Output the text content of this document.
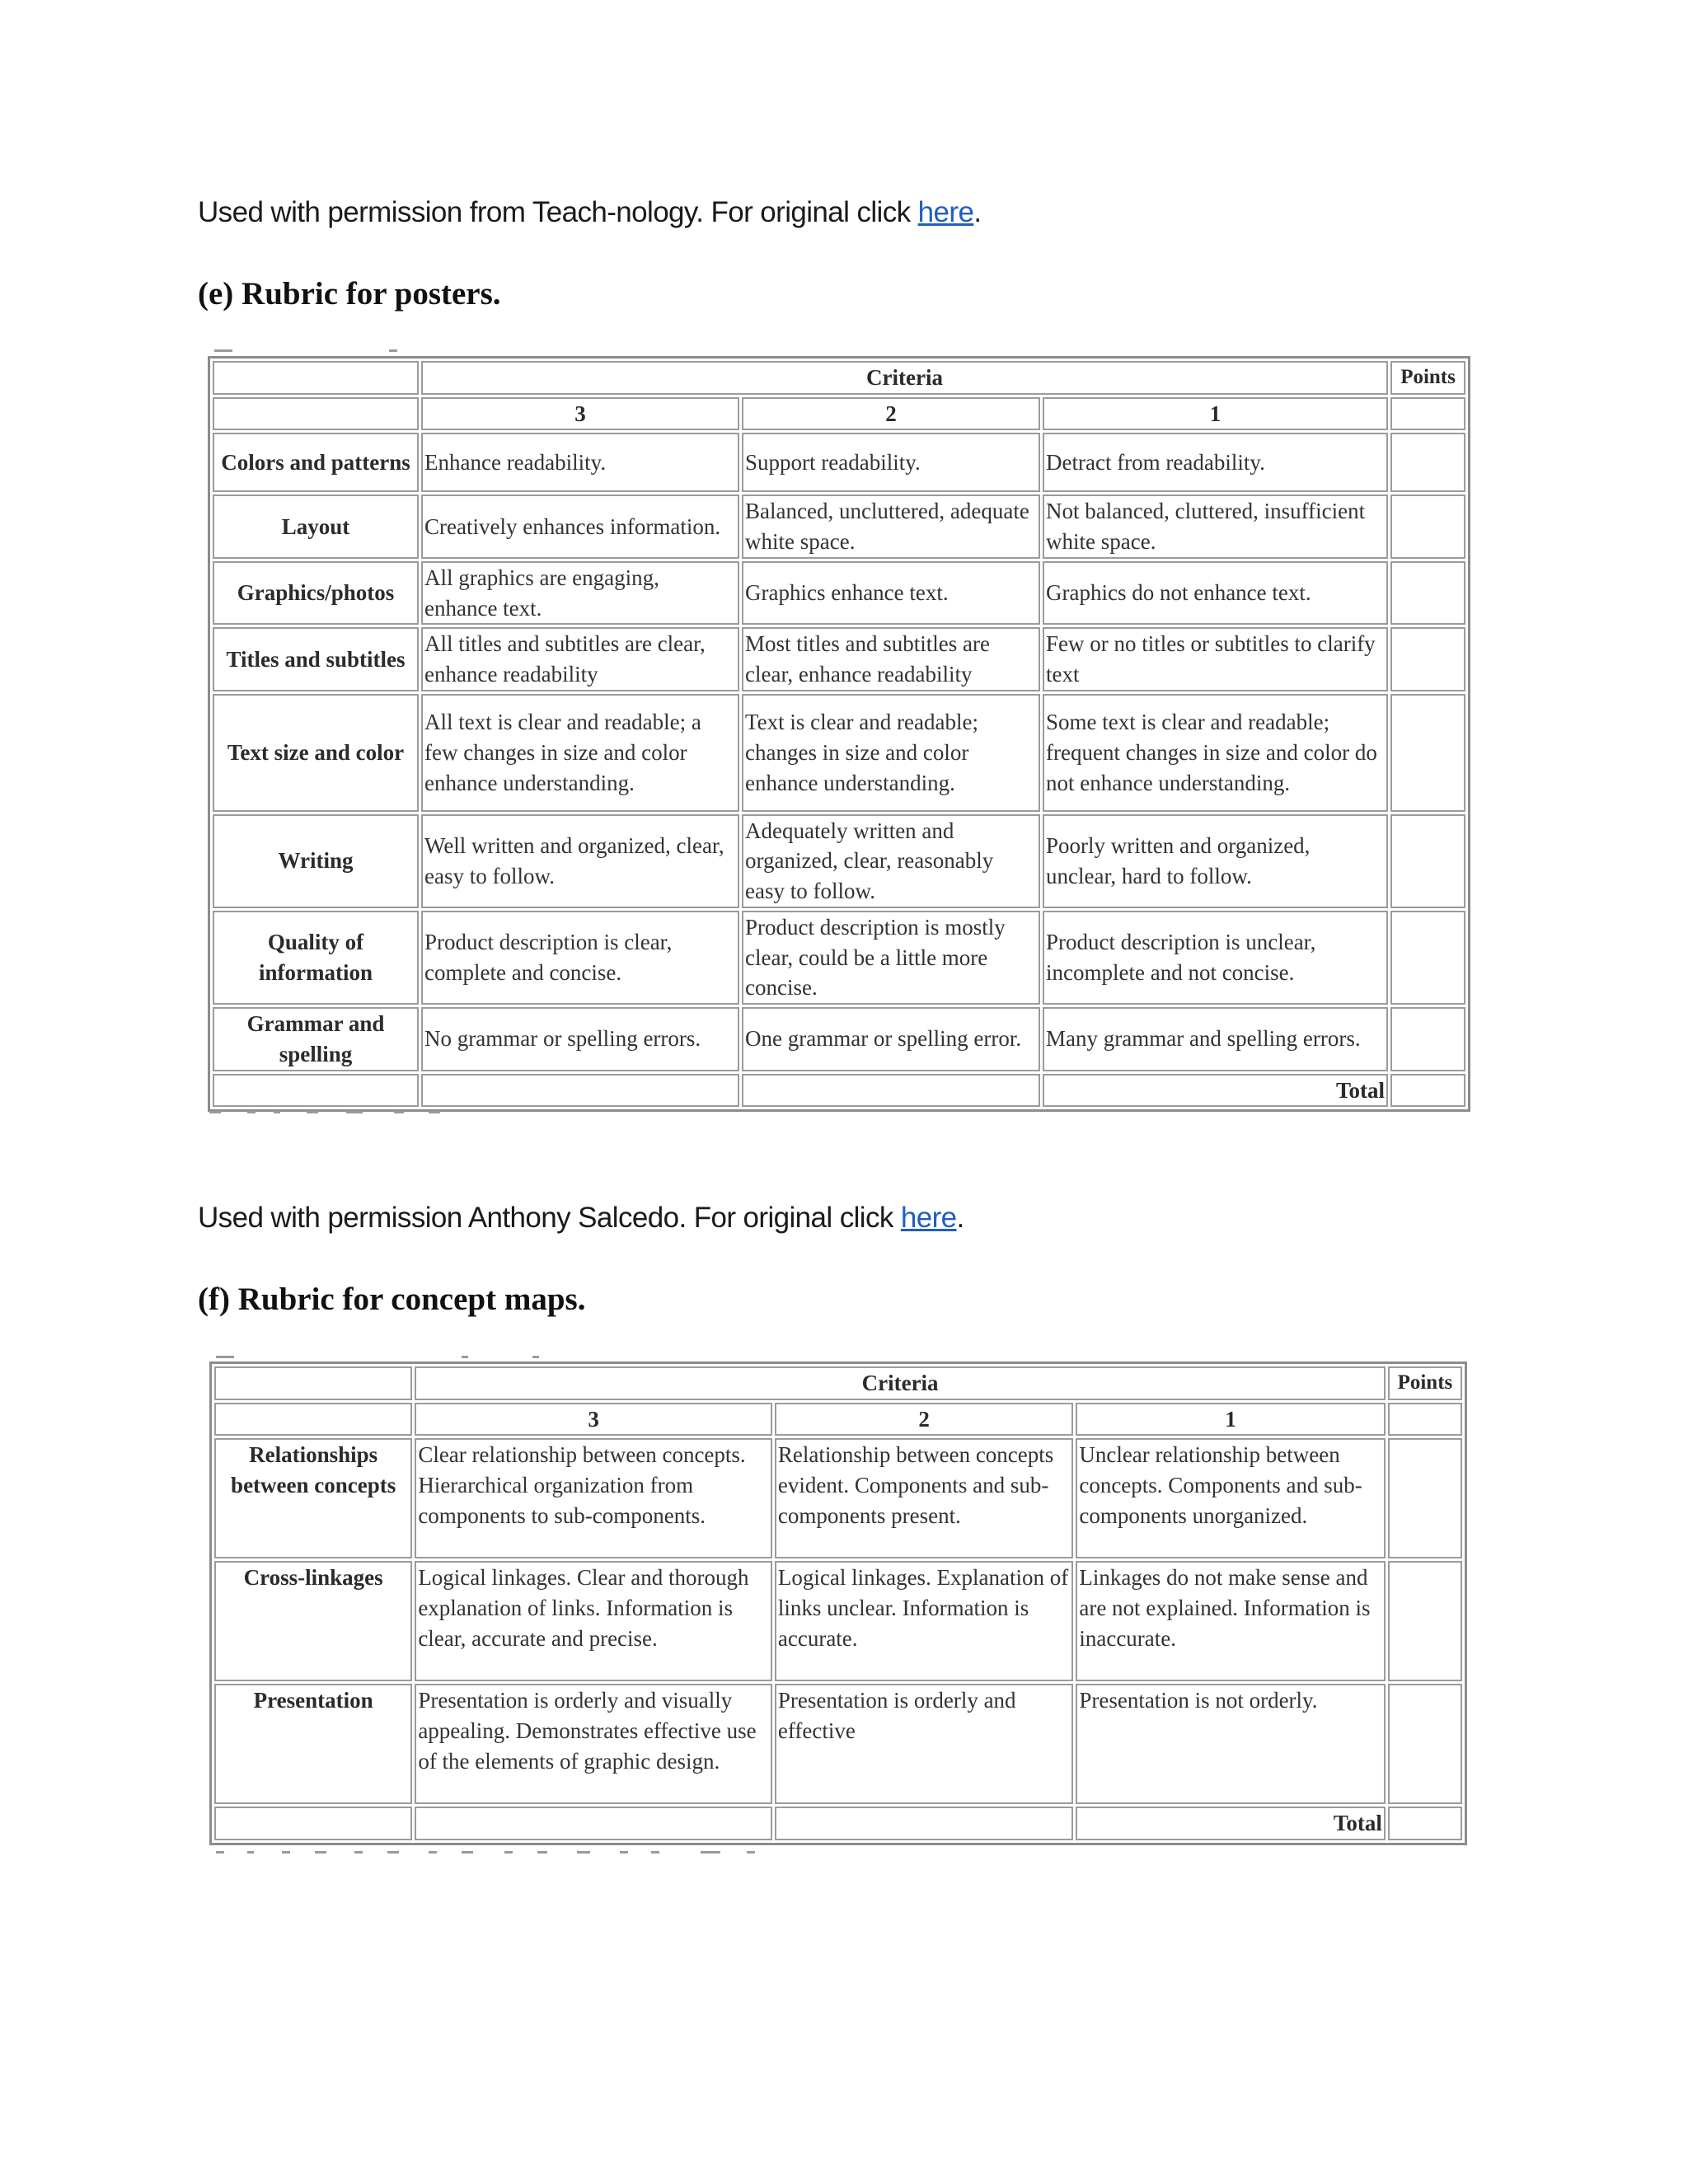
Used with permission from Teach-nology. For original click here.
(e) Rubric for posters.
	Criteria			Points
	3	2	1	
Colors and patterns	Enhance readability.	Support readability.	Detract from readability.	
Layout	Creatively enhances information.	Balanced, uncluttered, adequate white space.	Not balanced, cluttered, insufficient white space.	
Graphics/photos	All graphics are engaging, enhance text.	Graphics enhance text.	Graphics do not enhance text.	
Titles and subtitles	All titles and subtitles are clear, enhance readability	Most titles and subtitles are clear, enhance readability	Few or no titles or subtitles to clarify text	
Text size and color	All text is clear and readable; a few changes in size and color enhance understanding.	Text is clear and readable; changes in size and color enhance understanding.	Some text is clear and readable; frequent changes in size and color do not enhance understanding.	
Writing	Well written and organized, clear, easy to follow.	Adequately written and organized, clear, reasonably easy to follow.	Poorly written and organized, unclear, hard to follow.	
Quality of information	Product description is clear, complete and concise.	Product description is mostly clear, could be a little more concise.	Product description is unclear, incomplete and not concise.	
Grammar and spelling	No grammar or spelling errors.	One grammar or spelling error.	Many grammar and spelling errors.	
			Total	
Used with permission Anthony Salcedo. For original click here.
(f) Rubric for concept maps.
	Criteria			Points
	3	2	1	
Relationships between concepts	Clear relationship between concepts. Hierarchical organization from components to sub-components.	Relationship between concepts evident. Components and sub-components present.	Unclear relationship between concepts. Components and sub-components unorganized.	
Cross-linkages	Logical linkages. Clear and thorough explanation of links. Information is clear, accurate and precise.	Logical linkages. Explanation of links unclear. Information is accurate.	Linkages do not make sense and are not explained. Information is inaccurate.	
Presentation	Presentation is orderly and visually appealing. Demonstrates effective use of the elements of graphic design.	Presentation is orderly and effective	Presentation is not orderly.	
			Total	
